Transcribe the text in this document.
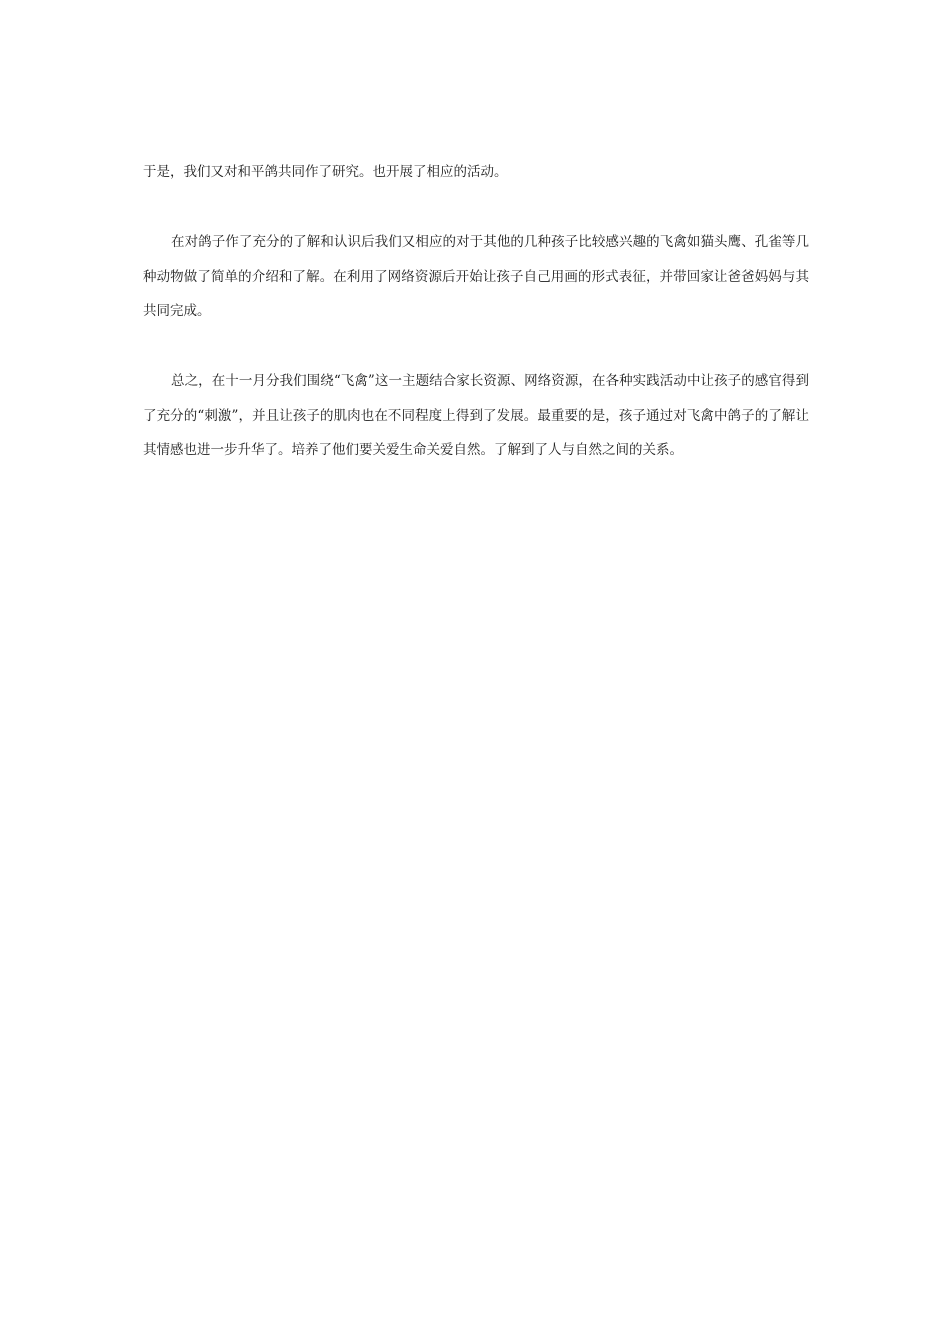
于是，我们又对和平鸽共同作了研究。也开展了相应的活动。

在对鸽子作了充分的了解和认识后我们又相应的对于其他的几种孩子比较感兴趣的飞禽如猫头鹰、孔雀等几种动物做了简单的介绍和了解。在利用了网络资源后开始让孩子自己用画的形式表征，并带回家让爸爸妈妈与其共同完成。

总之，在十一月分我们围绕“飞禽”这一主题结合家长资源、网络资源，在各种实践活动中让孩子的感官得到了充分的“刺激”，并且让孩子的肌肉也在不同程度上得到了发展。最重要的是，孩子通过对飞禽中鸽子的了解让其情感也进一步升华了。培养了他们要关爱生命关爱自然。了解到了人与自然之间的关系。
